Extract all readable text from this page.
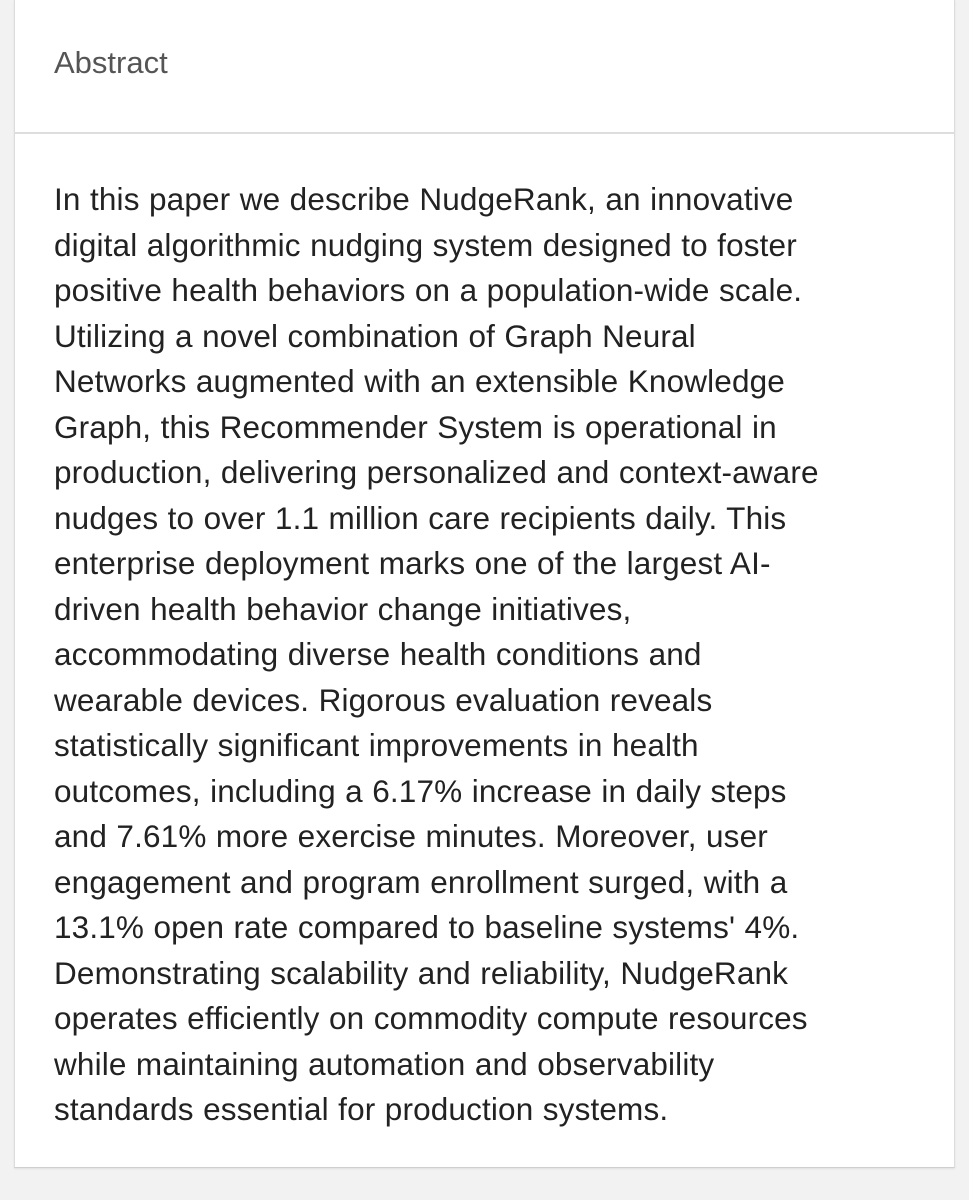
Abstract

In this paper we describe NudgeRank, an innovative
digital algorithmic nudging system designed to foster
positive health behaviors on a population-wide scale.
Utilizing a novel combination of Graph Neural
Networks augmented with an extensible Knowledge
Graph, this Recommender System is operational in
production, delivering personalized and context-aware
nudges to over 1.1 million care recipients daily. This
enterprise deployment marks one of the largest AI-
driven health behavior change initiatives,
accommodating diverse health conditions and
wearable devices. Rigorous evaluation reveals
statistically significant improvements in health
outcomes, including a 6.17% increase in daily steps
and 7.61% more exercise minutes. Moreover, user
engagement and program enrollment surged, with a
13.1% open rate compared to baseline systems' 4%.
Demonstrating scalability and reliability, NudgeRank
operates efficiently on commodity compute resources
while maintaining automation and observability
standards essential for production systems.
